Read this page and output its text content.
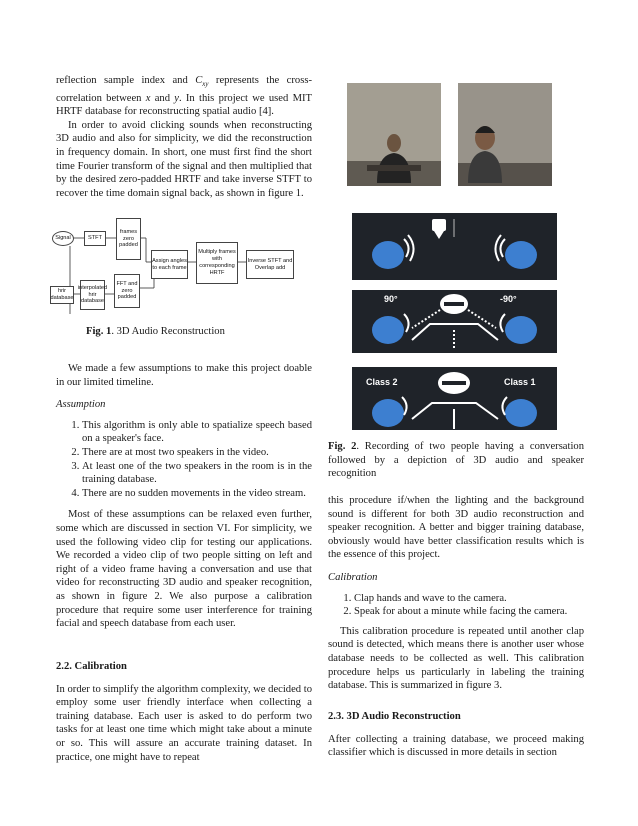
reflection sample index and $C_{xy}$ represents the cross-correlation between x and y. In this project we used MIT HRTF database for reconstructing spatial audio [4].

In order to avoid clicking sounds when reconstructing 3D audio and also for simplicity, we did the reconstruction in frequency domain. In short, one must first find the short time Fourier transform of the signal and then multiplied that by the desired zero-padded HRTF and take inverse STFT to recover the time domain signal back, as shown in figure 1.

Signal	STFT
frames zero padded
Assign angles to each frame
Multiply frames with corresponding HRTF
Inverse STFT and Overlap add
hrir database
interpolated hrir database
FFT and zero padded
Fig. 1. 3D Audio Reconstruction

We made a few assumptions to make this project doable in our limited timeline.

Assumption

1. This algorithm is only able to spatialize speech based on a speaker's face.
2. There are at most two speakers in the video.
3. At least one of the two speakers in the room is in the training database.
4. There are no sudden movements in the video stream.

Most of these assumptions can be relaxed even further, some which are discussed in section VI. For simplicity, we used the following video clip for testing our applications. We recorded a video clip of two people sitting on left and right of a video frame having a conversation and use that video for reconstructing 3D audio and speaker recognition, as shown in figure 2. We also purpose a calibration procedure that require some user interference for training facial and speech database from each user.

2.2. Calibration

In order to simplify the algorithm complexity, we decided to employ some user friendly interface when collecting a training database. Each user is asked to do perform two tasks for at least one time which might take about a minute or so. This will assure an accurate training dataset. In practice, one might have to repeat

90°	-90°
Class 2	Class 1

Fig. 2. Recording of two people having a conversation followed by a depiction of 3D audio and speaker recognition

this procedure if/when the lighting and the background sound is different for both 3D audio reconstruction and speaker recognition. A better and bigger training database, obviously would have better classification results which is the essence of this project.

Calibration

1. Clap hands and wave to the camera.
2. Speak for about a minute while facing the camera.

This calibration procedure is repeated until another clap sound is detected, which means there is another user whose database needs to be collected as well. This calibration procedure helps us particularly in labeling the training database. This is summarized in figure 3.

2.3. 3D Audio Reconstruction

After collecting a training database, we proceed making classifier which is discussed in more details in section
